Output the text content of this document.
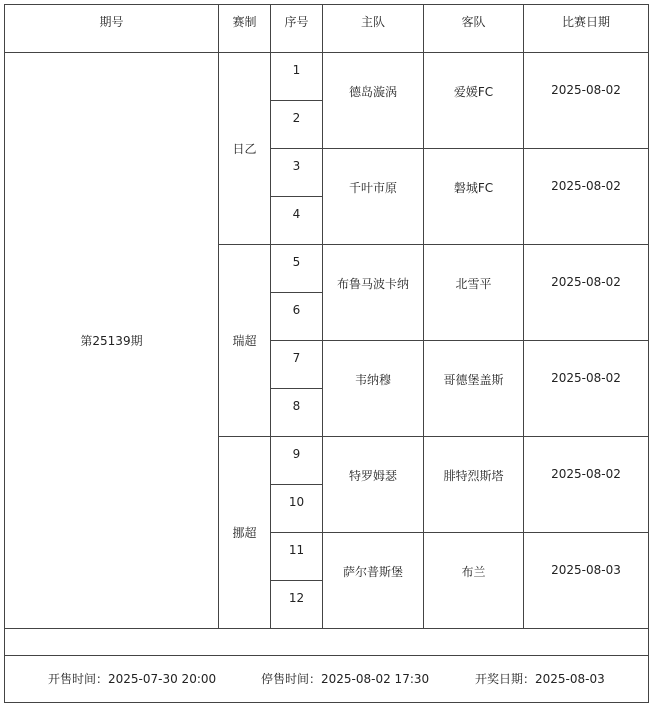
期号	赛制	序号	主队	客队	比赛日期
第25139期	日乙	1	德岛漩涡	爱媛FC	2025-08-02
		2			
		3	千叶市原	磐城FC	2025-08-02
		4			
	瑞超	5	布鲁马波卡纳	北雪平	2025-08-02
		6			
		7	韦纳穆	哥德堡盖斯	2025-08-02
		8			
	挪超	9	特罗姆瑟	腓特烈斯塔	2025-08-02
		10			
		11	萨尔普斯堡	布兰	2025-08-03
		12			

开售时间：2025-07-30 20:00 停售时间：2025-08-02 17:30 开奖日期：2025-08-03					
